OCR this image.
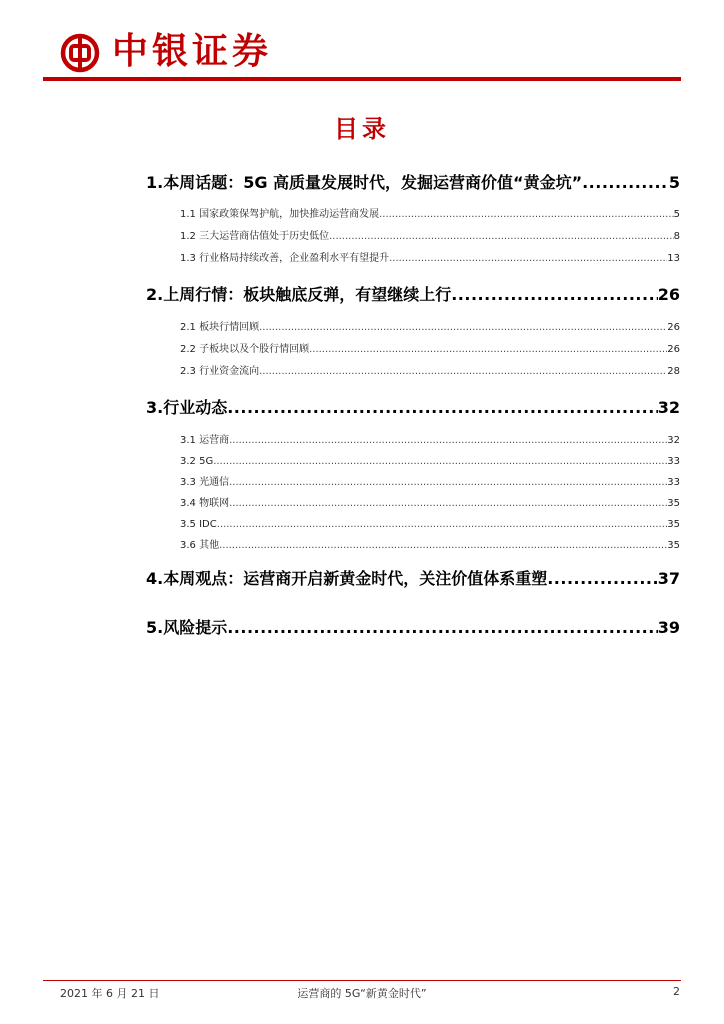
中银证券
目录
1.本周话题：5G 高质量发展时代，发掘运营商价值“黄金坑” .....	5
1.1 国家政策保驾护航，加快推动运营商发展 .....	5
1.2 三大运营商估值处于历史低位 .....	8
1.3 行业格局持续改善，企业盈利水平有望提升 .....	13
2.上周行情：板块触底反弹，有望继续上行 .....	26
2.1 板块行情回顾 .....	26
2.2 子板块以及个股行情回顾 .....	26
2.3 行业资金流向 .....	28
3.行业动态 .....	32
3.1 运营商 .....	32
3.2 5G .....	33
3.3 光通信 .....	33
3.4 物联网 .....	35
3.5 IDC .....	35
3.6 其他 .....	35
4.本周观点：运营商开启新黄金时代，关注价值体系重塑 .....	37
5.风险提示 .....	39
2021 年 6 月 21 日	运营商的 5G“新黄金时代”	2
